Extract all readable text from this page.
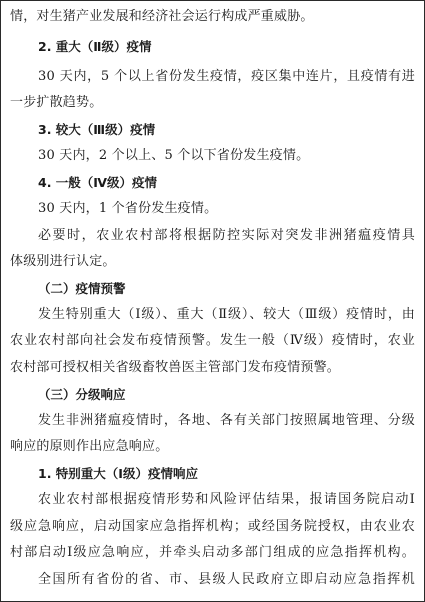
情，对生猪产业发展和经济社会运行构成严重威胁。
2. 重大（Ⅱ级）疫情
30 天内，5 个以上省份发生疫情，疫区集中连片，且疫情有进
一步扩散趋势。
3. 较大（Ⅲ级）疫情
30 天内，2 个以上、5 个以下省份发生疫情。
4. 一般（Ⅳ级）疫情
30 天内，1 个省份发生疫情。
必要时，农业农村部将根据防控实际对突发非洲猪瘟疫情具
体级别进行认定。
（二）疫情预警
发生特别重大（Ⅰ级）、重大（Ⅱ级）、较大（Ⅲ级）疫情时，由
农业农村部向社会发布疫情预警。发生一般（Ⅳ级）疫情时，农业
农村部可授权相关省级畜牧兽医主管部门发布疫情预警。
（三）分级响应
发生非洲猪瘟疫情时，各地、各有关部门按照属地管理、分级
响应的原则作出应急响应。
1. 特别重大（Ⅰ级）疫情响应
农业农村部根据疫情形势和风险评估结果，报请国务院启动Ⅰ
级应急响应，启动国家应急指挥机构；或经国务院授权，由农业农
村部启动Ⅰ级应急响应，并牵头启动多部门组成的应急指挥机构。
全国所有省份的省、市、县级人民政府立即启动应急指挥机
